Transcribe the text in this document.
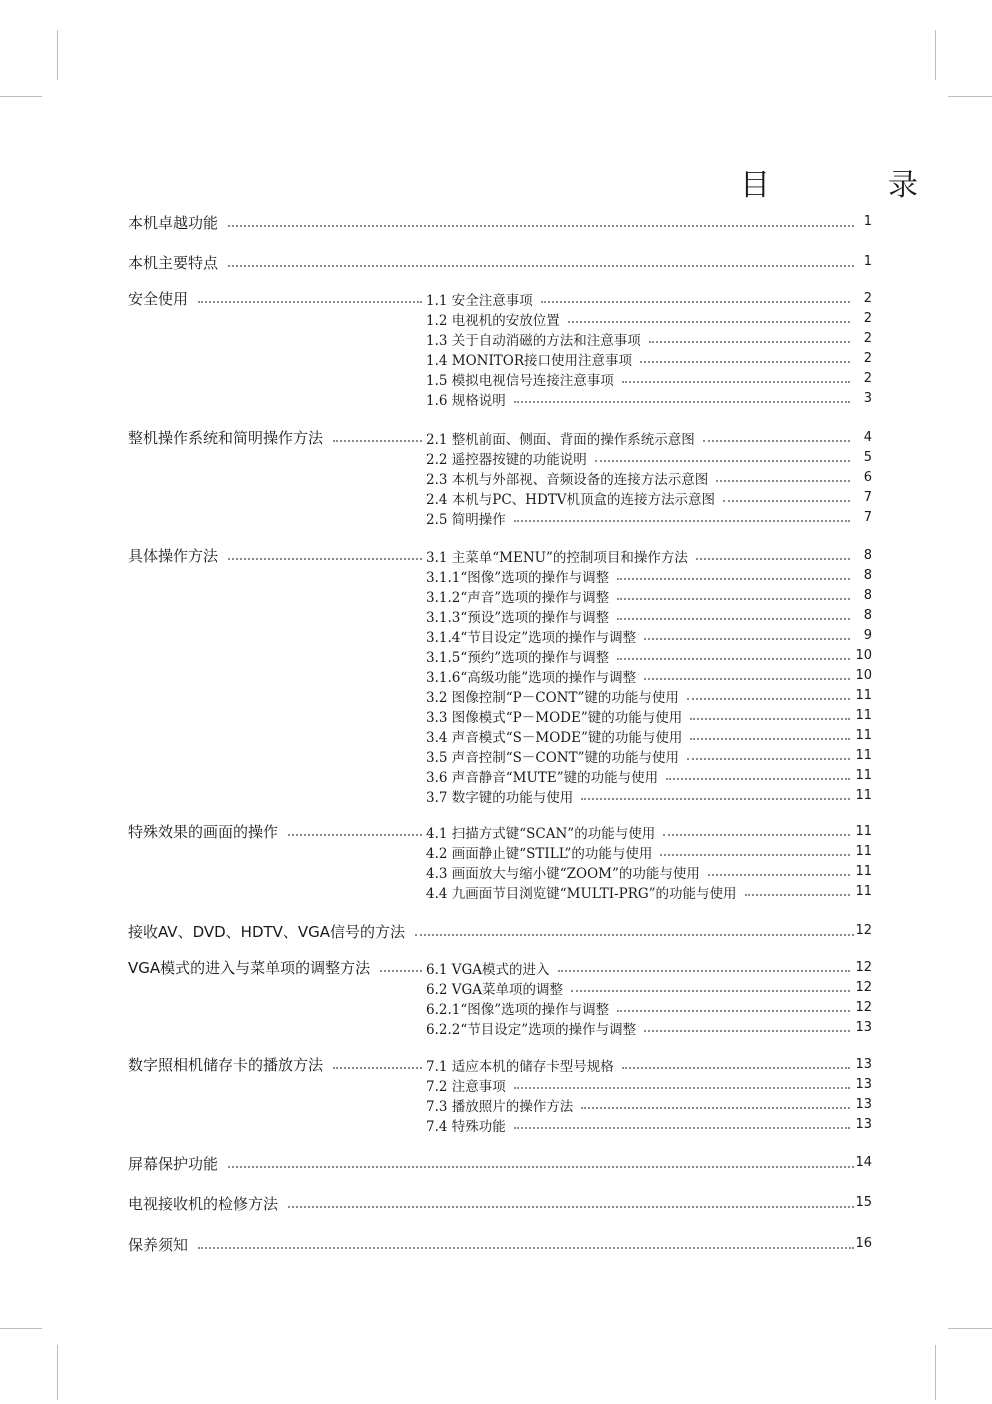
目　录
本机卓越功能	1
本机主要特点	1
安全使用	1.1 安全注意事项	2
1.2 电视机的安放位置	2
1.3 关于自动消磁的方法和注意事项	2
1.4 MONITOR接口使用注意事项	2
1.5 模拟电视信号连接注意事项	2
1.6 规格说明	3
整机操作系统和简明操作方法	2.1 整机前面、侧面、背面的操作系统示意图	4
2.2 遥控器按键的功能说明	5
2.3 本机与外部视、音频设备的连接方法示意图	6
2.4 本机与PC、HDTV机顶盒的连接方法示意图	7
2.5 简明操作	7
具体操作方法	3.1 主菜单“MENU”的控制项目和操作方法	8
3.1.1“图像”选项的操作与调整	8
3.1.2“声音”选项的操作与调整	8
3.1.3“预设”选项的操作与调整	8
3.1.4“节目设定”选项的操作与调整	9
3.1.5“预约”选项的操作与调整	10
3.1.6“高级功能”选项的操作与调整	10
3.2 图像控制“P－CONT”键的功能与使用	11
3.3 图像模式“P－MODE”键的功能与使用	11
3.4 声音模式“S－MODE”键的功能与使用	11
3.5 声音控制“S－CONT”键的功能与使用	11
3.6 声音静音“MUTE”键的功能与使用	11
3.7 数字键的功能与使用	11
特殊效果的画面的操作	4.1 扫描方式键“SCAN”的功能与使用	11
4.2 画面静止键“STILL”的功能与使用	11
4.3 画面放大与缩小键“ZOOM”的功能与使用	11
4.4 九画面节目浏览键“MULTI-PRG”的功能与使用	11
接收AV、DVD、HDTV、VGA信号的方法	12
VGA模式的进入与菜单项的调整方法	6.1 VGA模式的进入	12
6.2 VGA菜单项的调整	12
6.2.1“图像”选项的操作与调整	12
6.2.2“节目设定”选项的操作与调整	13
数字照相机储存卡的播放方法	7.1 适应本机的储存卡型号规格	13
7.2 注意事项	13
7.3 播放照片的操作方法	13
7.4 特殊功能	13
屏幕保护功能	14
电视接收机的检修方法	15
保养须知	16
